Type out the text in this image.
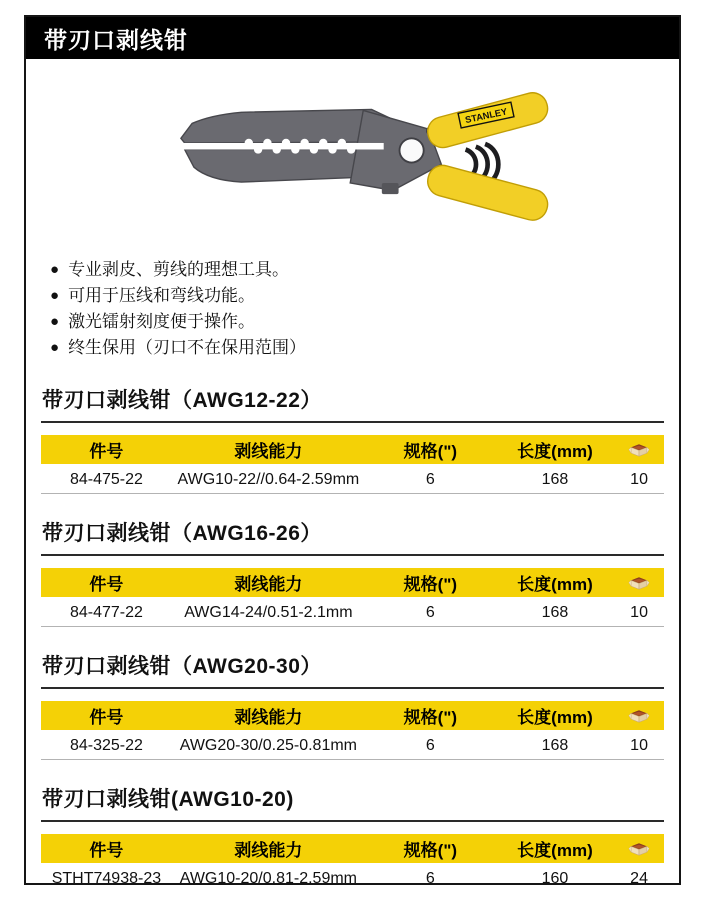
带刃口剥线钳
STANLEY
● 专业剥皮、剪线的理想工具。
● 可用于压线和弯线功能。
● 激光镭射刻度便于操作。
● 终生保用（刃口不在保用范围）
带刃口剥线钳（AWG12-22）
件号	剥线能力	规格(")	长度(mm)	
84-475-22	AWG10-22//0.64-2.59mm	6	168	10
带刃口剥线钳（AWG16-26）
件号	剥线能力	规格(")	长度(mm)	
84-477-22	AWG14-24/0.51-2.1mm	6	168	10
带刃口剥线钳（AWG20-30）
件号	剥线能力	规格(")	长度(mm)	
84-325-22	AWG20-30/0.25-0.81mm	6	168	10
带刃口剥线钳(AWG10-20)
件号	剥线能力	规格(")	长度(mm)	
STHT74938-23	AWG10-20/0.81-2.59mm	6	160	24
